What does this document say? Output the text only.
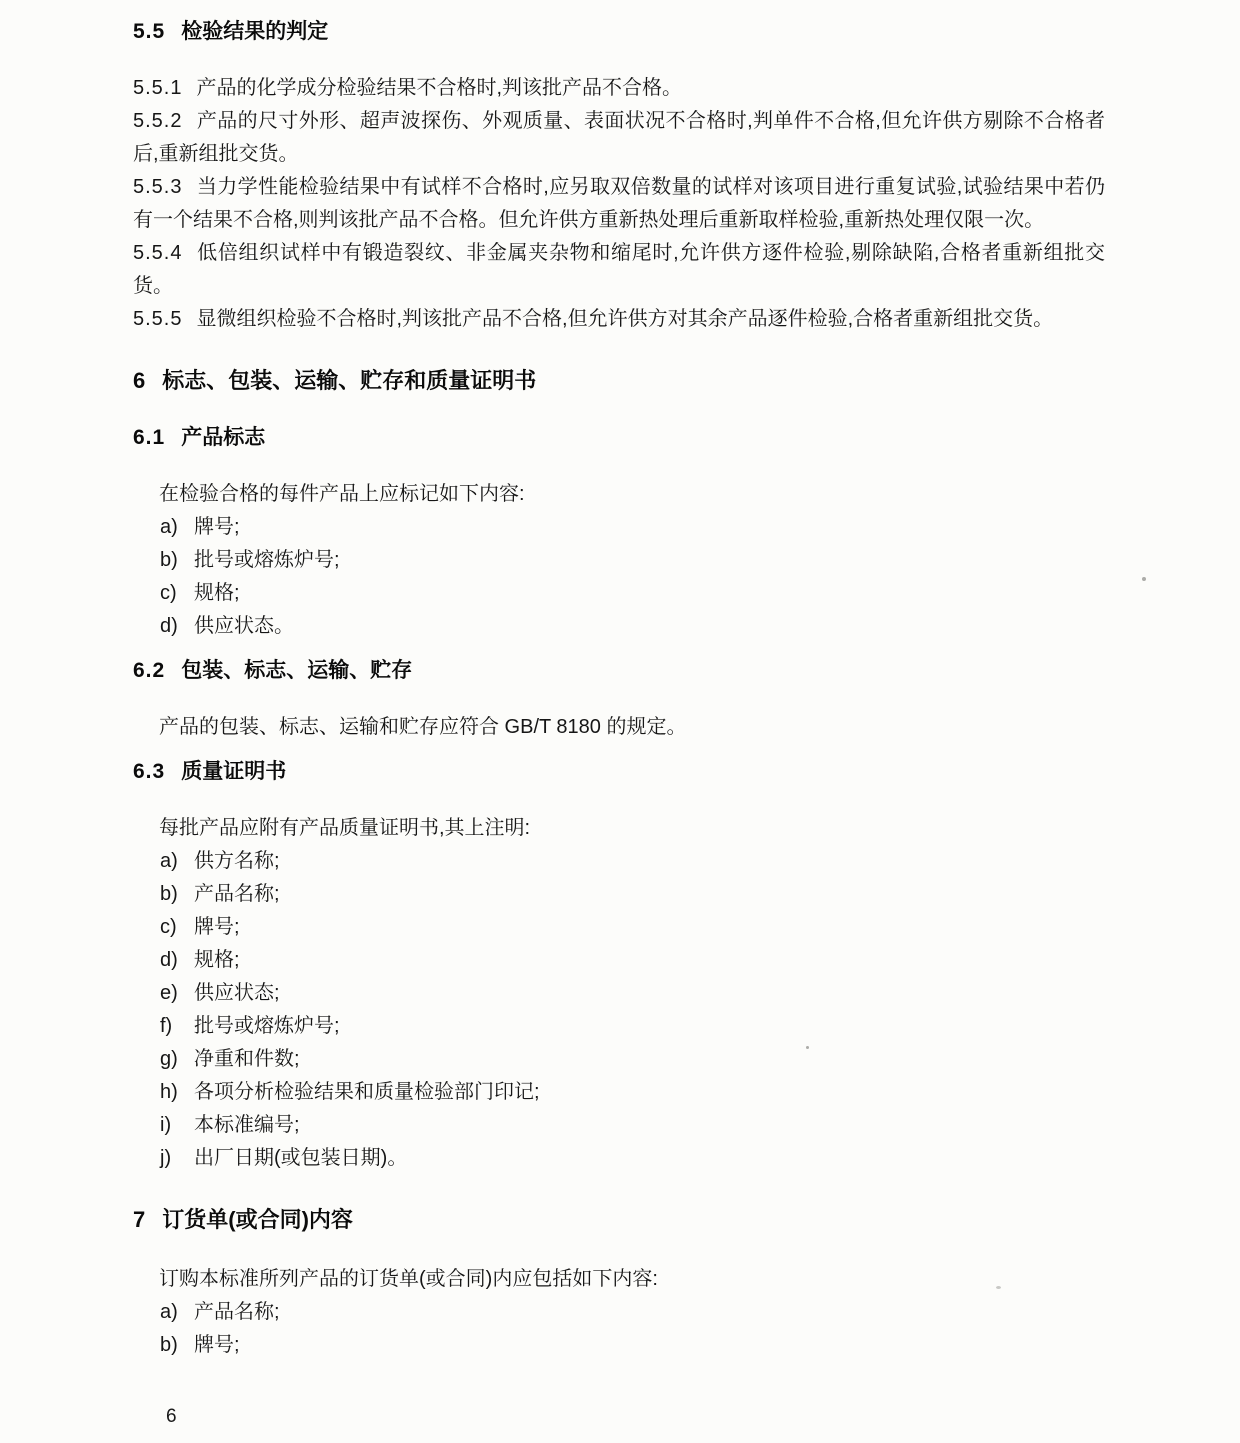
5.5 检验结果的判定
5.5.1 产品的化学成分检验结果不合格时,判该批产品不合格。
5.5.2 产品的尺寸外形、超声波探伤、外观质量、表面状况不合格时,判单件不合格,但允许供方剔除不合格者后,重新组批交货。
5.5.3 当力学性能检验结果中有试样不合格时,应另取双倍数量的试样对该项目进行重复试验,试验结果中若仍有一个结果不合格,则判该批产品不合格。但允许供方重新热处理后重新取样检验,重新热处理仅限一次。
5.5.4 低倍组织试样中有锻造裂纹、非金属夹杂物和缩尾时,允许供方逐件检验,剔除缺陷,合格者重新组批交货。
5.5.5 显微组织检验不合格时,判该批产品不合格,但允许供方对其余产品逐件检验,合格者重新组批交货。
6 标志、包装、运输、贮存和质量证明书
6.1 产品标志
在检验合格的每件产品上应标记如下内容:
a) 牌号;
b) 批号或熔炼炉号;
c) 规格;
d) 供应状态。
6.2 包装、标志、运输、贮存
产品的包装、标志、运输和贮存应符合 GB/T 8180 的规定。
6.3 质量证明书
每批产品应附有产品质量证明书,其上注明:
a) 供方名称;
b) 产品名称;
c) 牌号;
d) 规格;
e) 供应状态;
f) 批号或熔炼炉号;
g) 净重和件数;
h) 各项分析检验结果和质量检验部门印记;
i) 本标准编号;
j) 出厂日期(或包装日期)。
7 订货单(或合同)内容
订购本标准所列产品的订货单(或合同)内应包括如下内容:
a) 产品名称;
b) 牌号;
6
